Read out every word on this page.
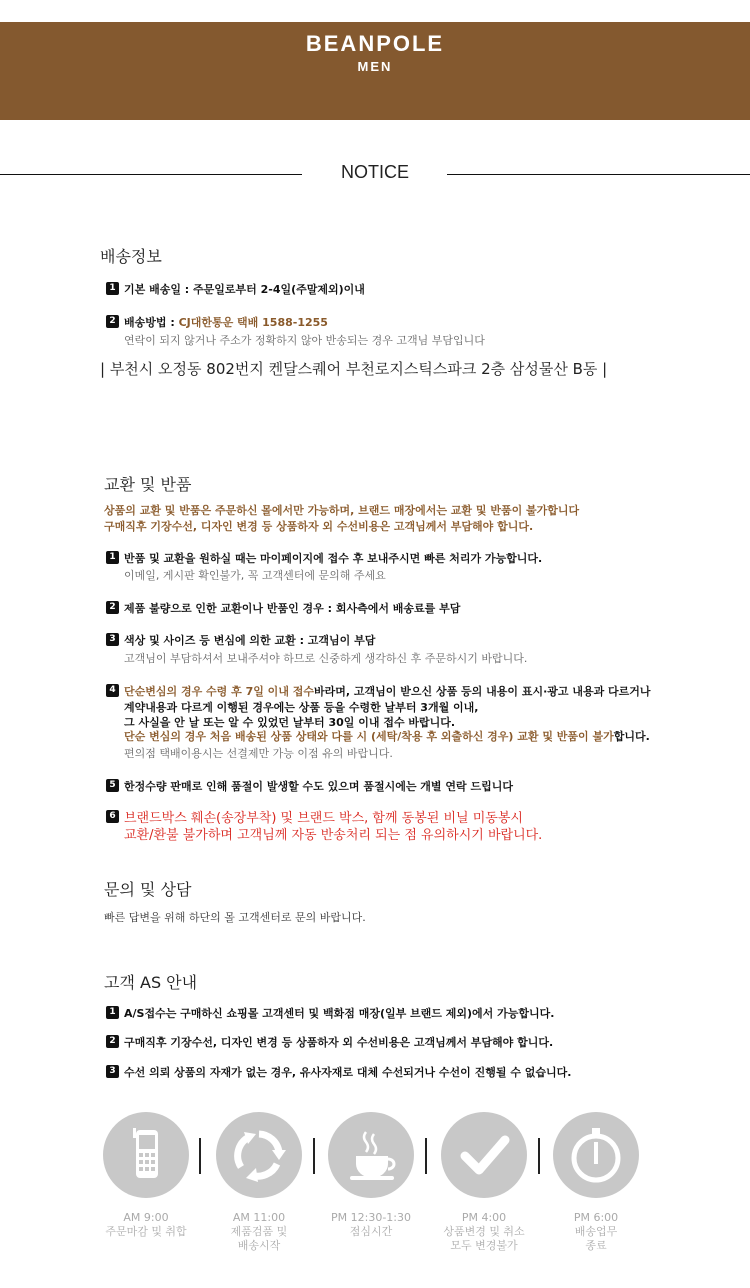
BEANPOLE
MEN
NOTICE
배송정보
1 기본 배송일 : 주문일로부터 2-4일(주말제외)이내
2 배송방법 : CJ대한통운 택배 1588-1255
연락이 되지 않거나 주소가 정확하지 않아 반송되는 경우 고객님 부담입니다
| 부천시 오정동 802번지 켄달스퀘어 부천로지스틱스파크 2층 삼성물산 B동 |
교환 및 반품
상품의 교환 및 반품은 주문하신 몰에서만 가능하며, 브랜드 매장에서는 교환 및 반품이 불가합니다
구매직후 기장수선, 디자인 변경 등 상품하자 외 수선비용은 고객님께서 부담해야 합니다.
1 반품 및 교환을 원하실 때는 마이페이지에 접수 후 보내주시면 빠른 처리가 가능합니다.
이메일, 게시판 확인불가, 꼭 고객센터에 문의해 주세요
2 제품 불량으로 인한 교환이나 반품인 경우 : 회사측에서 배송료를 부담
3 색상 및 사이즈 등 변심에 의한 교환 : 고객님이 부담
고객님이 부담하셔서 보내주셔야 하므로 신중하게 생각하신 후 주문하시기 바랍니다.
4 단순변심의 경우 수령 후 7일 이내 접수바라며, 고객님이 받으신 상품 등의 내용이 표시·광고 내용과 다르거나
계약내용과 다르게 이행된 경우에는 상품 등을 수령한 날부터 3개월 이내,
그 사실을 안 날 또는 알 수 있었던 날부터 30일 이내 접수 바랍니다.
단순 변심의 경우 처음 배송된 상품 상태와 다를 시 (세탁/착용 후 외출하신 경우) 교환 및 반품이 불가합니다.
편의점 택배이용시는 선결제만 가능 이점 유의 바랍니다.
5 한정수량 판매로 인해 품절이 발생할 수도 있으며 품절시에는 개별 연락 드립니다
6 브랜드박스 훼손(송장부착) 및 브랜드 박스, 함께 동봉된 비닐 미동봉시
교환/환불 불가하며 고객님께 자동 반송처리 되는 점 유의하시기 바랍니다.
문의 및 상담
빠른 답변을 위해 하단의 몰 고객센터로 문의 바랍니다.
고객 AS 안내
1 A/S접수는 구매하신 쇼핑몰 고객센터 및 백화점 매장(일부 브랜드 제외)에서 가능합니다.
2 구매직후 기장수선, 디자인 변경 등 상품하자 외 수선비용은 고객님께서 부담해야 합니다.
3 수선 의뢰 상품의 자재가 없는 경우, 유사자재로 대체 수선되거나 수선이 진행될 수 없습니다.
AM 9:00
주문마감 및 취합
AM 11:00
제품검품 및
배송시작
PM 12:30-1:30
점심시간
PM 4:00
상품변경 및 취소
모두 변경불가
PM 6:00
배송업무
종료
